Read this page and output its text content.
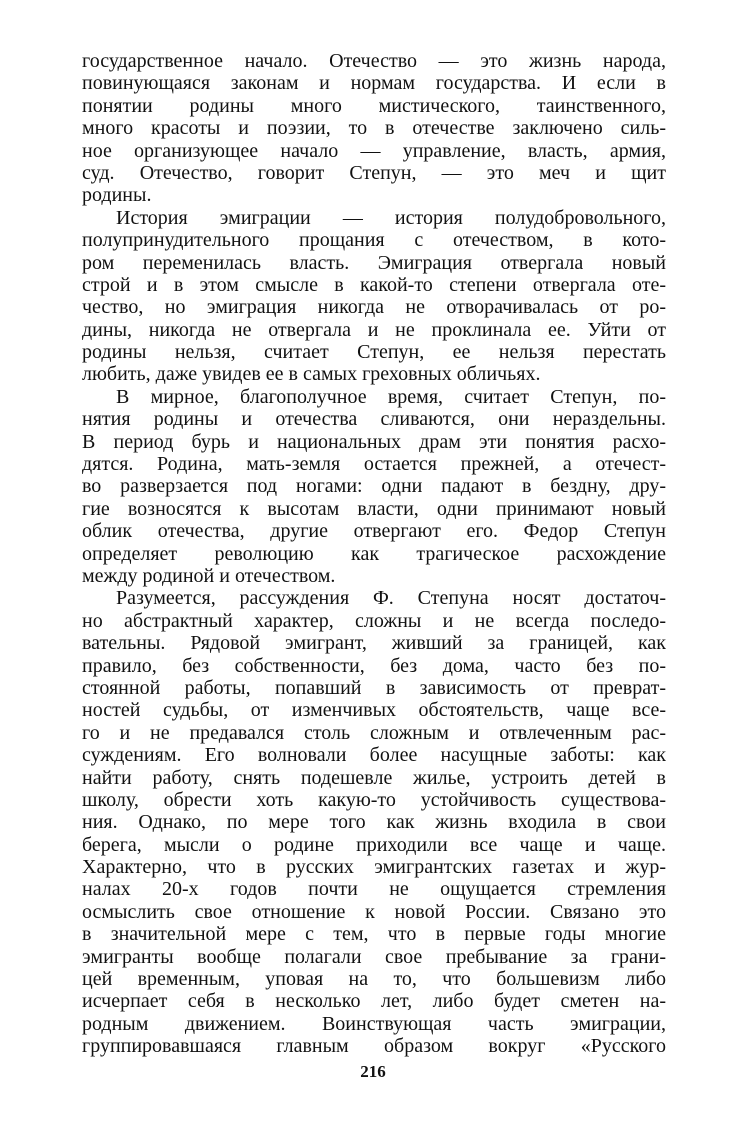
государственное начало. Отечество — это жизнь народа,
повинующаяся законам и нормам государства. И если в
понятии родины много мистического, таинственного,
много красоты и поэзии, то в отечестве заключено силь-
ное организующее начало — управление, власть, армия,
суд. Отечество, говорит Степун, — это меч и щит
родины.
История эмиграции — история полудобровольного,
полупринудительного прощания с отечеством, в кото-
ром переменилась власть. Эмиграция отвергала новый
строй и в этом смысле в какой-то степени отвергала оте-
чество, но эмиграция никогда не отворачивалась от ро-
дины, никогда не отвергала и не проклинала ее. Уйти от
родины нельзя, считает Степун, ее нельзя перестать
любить, даже увидев ее в самых греховных обличьях.
В мирное, благополучное время, считает Степун, по-
нятия родины и отечества сливаются, они нераздельны.
В период бурь и национальных драм эти понятия расхо-
дятся. Родина, мать-земля остается прежней, а отечест-
во разверзается под ногами: одни падают в бездну, дру-
гие возносятся к высотам власти, одни принимают новый
облик отечества, другие отвергают его. Федор Степун
определяет революцию как трагическое расхождение
между родиной и отечеством.
Разумеется, рассуждения Ф. Степуна носят достаточ-
но абстрактный характер, сложны и не всегда последо-
вательны. Рядовой эмигрант, живший за границей, как
правило, без собственности, без дома, часто без по-
стоянной работы, попавший в зависимость от преврат-
ностей судьбы, от изменчивых обстоятельств, чаще все-
го и не предавался столь сложным и отвлеченным рас-
суждениям. Его волновали более насущные заботы: как
найти работу, снять подешевле жилье, устроить детей в
школу, обрести хоть какую-то устойчивость существова-
ния. Однако, по мере того как жизнь входила в свои
берега, мысли о родине приходили все чаще и чаще.
Характерно, что в русских эмигрантских газетах и жур-
налах 20-х годов почти не ощущается стремления
осмыслить свое отношение к новой России. Связано это
в значительной мере с тем, что в первые годы многие
эмигранты вообще полагали свое пребывание за грани-
цей временным, уповая на то, что большевизм либо
исчерпает себя в несколько лет, либо будет сметен на-
родным движением. Воинствующая часть эмиграции,
группировавшаяся главным образом вокруг «Русского
216
